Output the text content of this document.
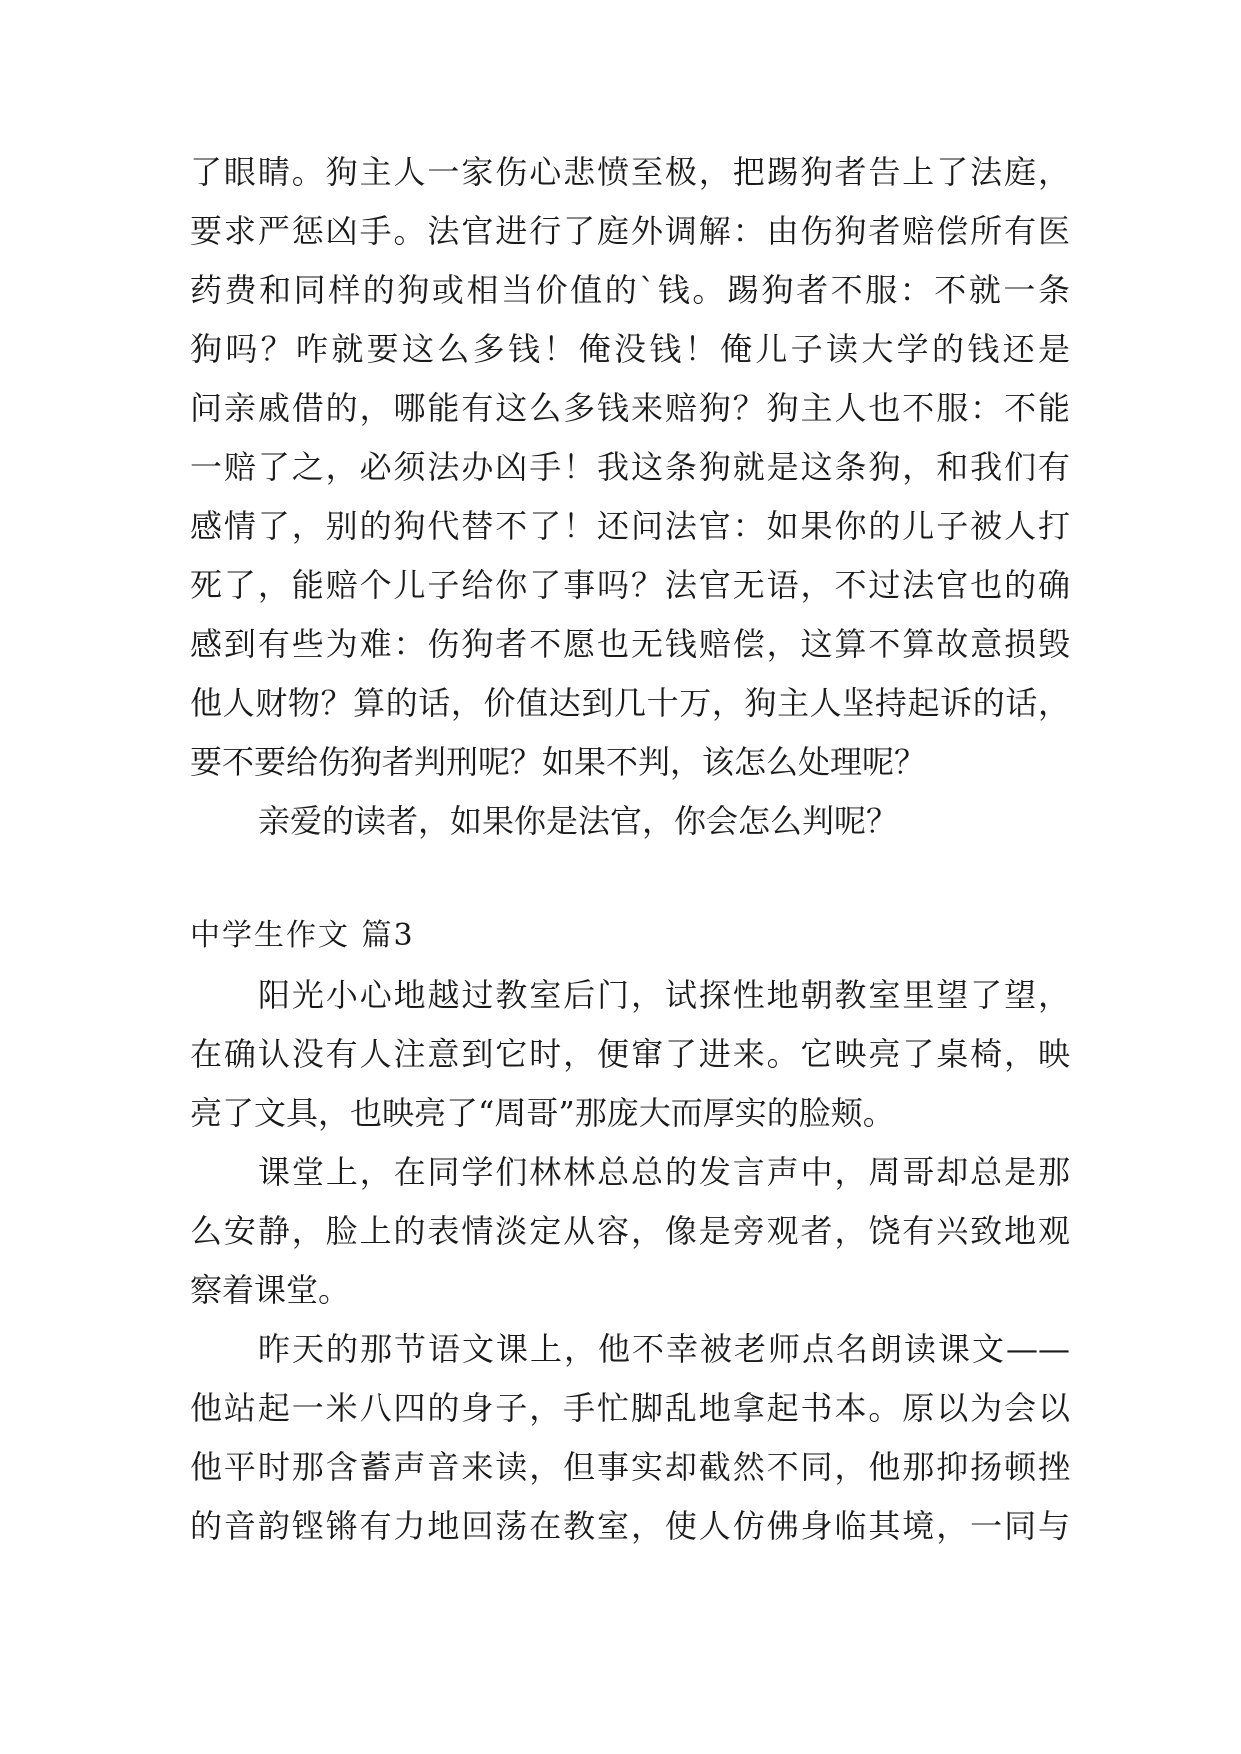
了眼睛。狗主人一家伤心悲愤至极，把踢狗者告上了法庭，
要求严惩凶手。法官进行了庭外调解：由伤狗者赔偿所有医
药费和同样的狗或相当价值的`钱。踢狗者不服：不就一条
狗吗？咋就要这么多钱！俺没钱！俺儿子读大学的钱还是
问亲戚借的，哪能有这么多钱来赔狗？狗主人也不服：不能
一赔了之，必须法办凶手！我这条狗就是这条狗，和我们有
感情了，别的狗代替不了！还问法官：如果你的儿子被人打
死了，能赔个儿子给你了事吗？法官无语，不过法官也的确
感到有些为难：伤狗者不愿也无钱赔偿，这算不算故意损毁
他人财物？算的话，价值达到几十万，狗主人坚持起诉的话，
要不要给伤狗者判刑呢？如果不判，该怎么处理呢？
亲爱的读者，如果你是法官，你会怎么判呢？
中学生作文 篇3
阳光小心地越过教室后门，试探性地朝教室里望了望，
在确认没有人注意到它时，便窜了进来。它映亮了桌椅，映
亮了文具，也映亮了“周哥”那庞大而厚实的脸颊。
课堂上，在同学们林林总总的发言声中，周哥却总是那
么安静，脸上的表情淡定从容，像是旁观者，饶有兴致地观
察着课堂。
昨天的那节语文课上，他不幸被老师点名朗读课文——
他站起一米八四的身子，手忙脚乱地拿起书本。原以为会以
他平时那含蓄声音来读，但事实却截然不同，他那抑扬顿挫
的音韵铿锵有力地回荡在教室，使人仿佛身临其境，一同与
